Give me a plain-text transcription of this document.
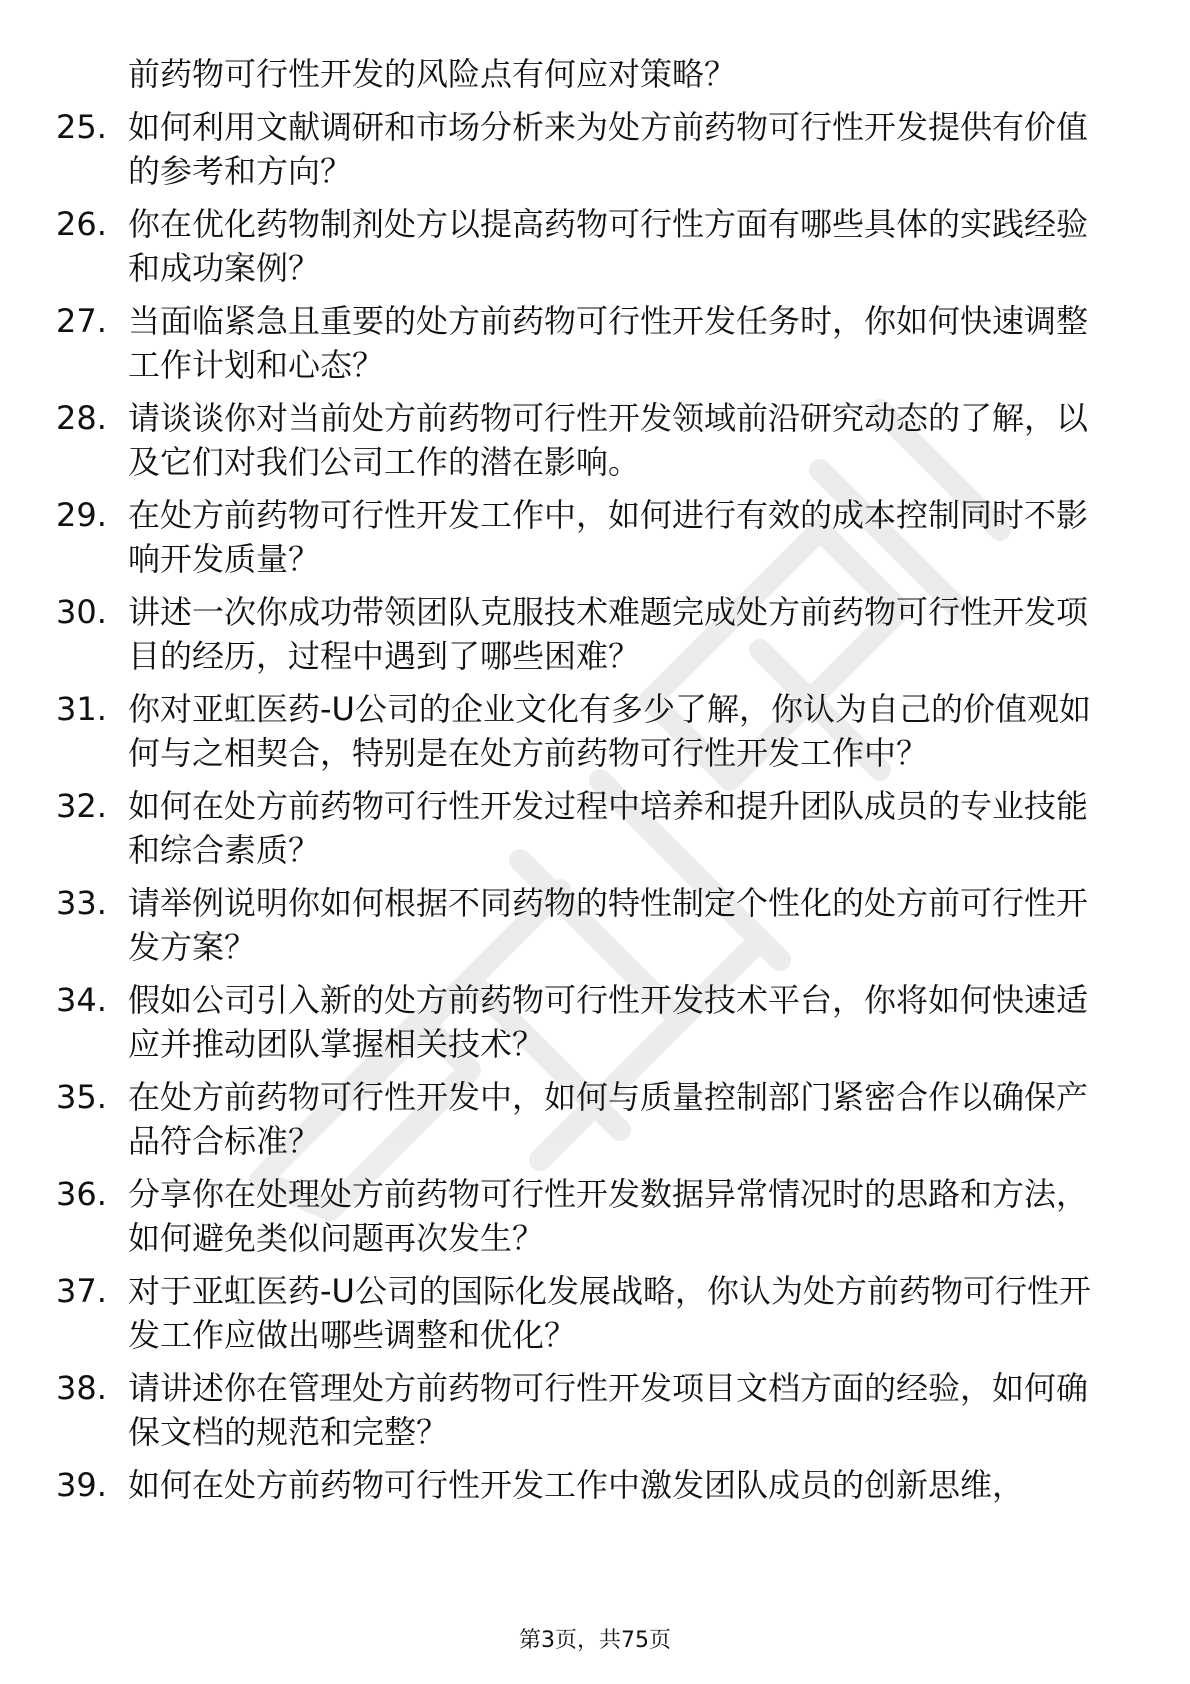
前药物可行性开发的风险点有何应对策略？
25. 如何利用文献调研和市场分析来为处方前药物可行性开发提供有价值的参考和方向？
26. 你在优化药物制剂处方以提高药物可行性方面有哪些具体的实践经验和成功案例？
27. 当面临紧急且重要的处方前药物可行性开发任务时，你如何快速调整工作计划和心态？
28. 请谈谈你对当前处方前药物可行性开发领域前沿研究动态的了解，以及它们对我们公司工作的潜在影响。
29. 在处方前药物可行性开发工作中，如何进行有效的成本控制同时不影响开发质量？
30. 讲述一次你成功带领团队克服技术难题完成处方前药物可行性开发项目的经历，过程中遇到了哪些困难？
31. 你对亚虹医药-U公司的企业文化有多少了解，你认为自己的价值观如何与之相契合，特别是在处方前药物可行性开发工作中？
32. 如何在处方前药物可行性开发过程中培养和提升团队成员的专业技能和综合素质？
33. 请举例说明你如何根据不同药物的特性制定个性化的处方前可行性开发方案？
34. 假如公司引入新的处方前药物可行性开发技术平台，你将如何快速适应并推动团队掌握相关技术？
35. 在处方前药物可行性开发中，如何与质量控制部门紧密合作以确保产品符合标准？
36. 分享你在处理处方前药物可行性开发数据异常情况时的思路和方法，如何避免类似问题再次发生？
37. 对于亚虹医药-U公司的国际化发展战略，你认为处方前药物可行性开发工作应做出哪些调整和优化？
38. 请讲述你在管理处方前药物可行性开发项目文档方面的经验，如何确保文档的规范和完整？
39. 如何在处方前药物可行性开发工作中激发团队成员的创新思维，
第3页，共75页
